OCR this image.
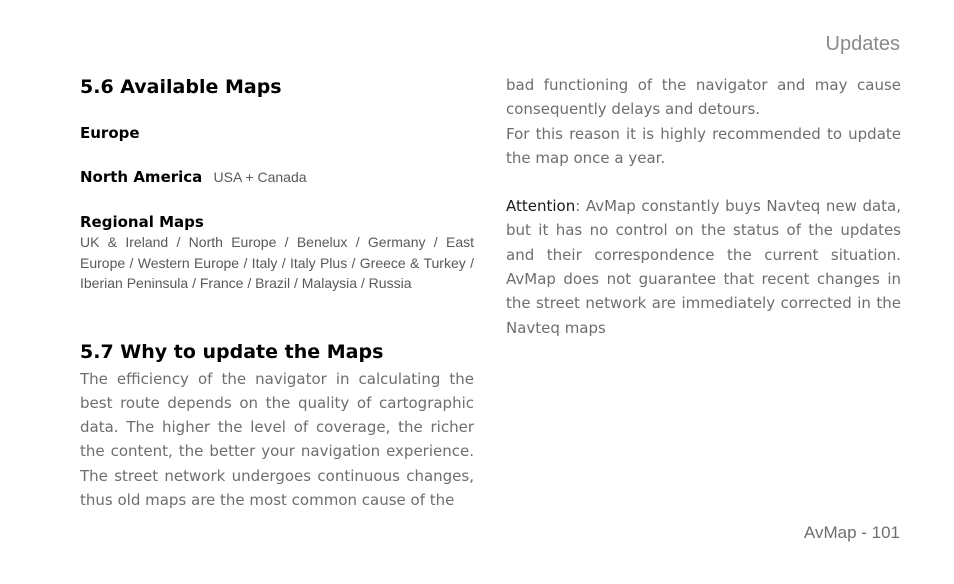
Updates
5.6 Available Maps
Europe
North America USA + Canada
Regional Maps
UK & Ireland / North Europe / Benelux / Germany / East Europe / Western Europe / Italy / Italy Plus / Greece & Turkey / Iberian Peninsula / France / Brazil / Malaysia / Russia
5.7 Why to update the Maps

The efficiency of the navigator in calculating the best route depends on the quality of cartographic data. The higher the level of coverage, the richer the content, the better your navigation experience. The street network undergoes continuous changes, thus old maps are the most common cause of the

bad functioning of the navigator and may cause consequently delays and detours.

For this reason it is highly recommended to update the map once a year.

Attention: AvMap constantly buys Navteq new data, but it has no control on the status of the updates and their correspondence the current situation. AvMap does not guarantee that recent changes in the street network are immediately corrected in the Navteq maps

AvMap - 101
